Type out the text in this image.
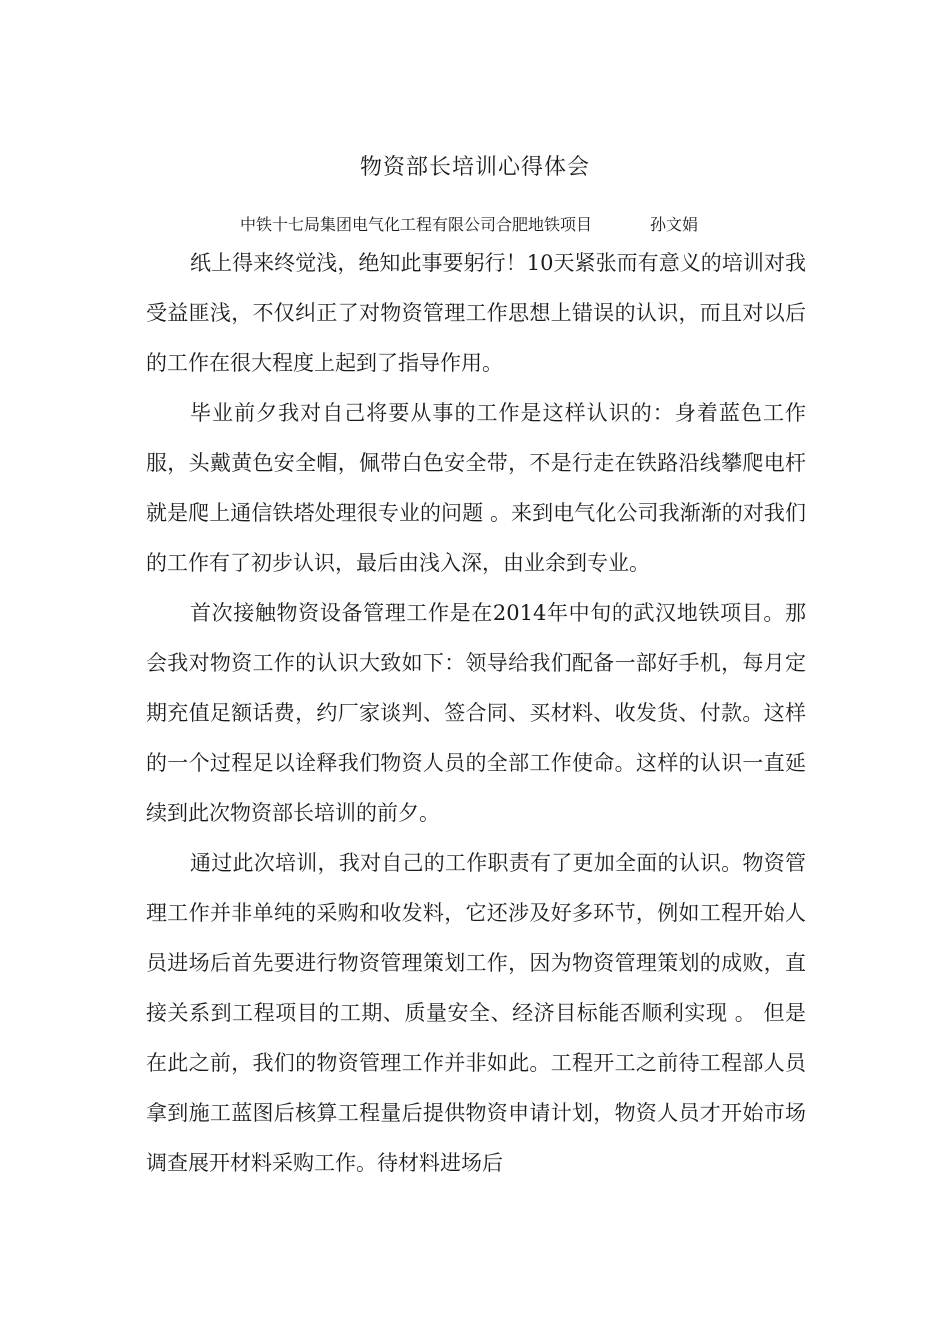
物资部长培训心得体会
中铁十七局集团电气化工程有限公司合肥地铁项目	孙文娟

纸上得来终觉浅，绝知此事要躬行！10天紧张而有意义的培训对我受益匪浅，不仅纠正了对物资管理工作思想上错误的认识，而且对以后的工作在很大程度上起到了指导作用。

毕业前夕我对自己将要从事的工作是这样认识的：身着蓝色工作服，头戴黄色安全帽，佩带白色安全带，不是行走在铁路沿线攀爬电杆就是爬上通信铁塔处理很专业的问题 。来到电气化公司我渐渐的对我们的工作有了初步认识，最后由浅入深，由业余到专业。

首次接触物资设备管理工作是在2014年中旬的武汉地铁项目。那会我对物资工作的认识大致如下：领导给我们配备一部好手机，每月定期充值足额话费，约厂家谈判、签合同、买材料、收发货、付款。这样的一个过程足以诠释我们物资人员的全部工作使命。这样的认识一直延续到此次物资部长培训的前夕。

通过此次培训，我对自己的工作职责有了更加全面的认识。物资管理工作并非单纯的采购和收发料，它还涉及好多环节，例如工程开始人员进场后首先要进行物资管理策划工作，因为物资管理策划的成败，直接关系到工程项目的工期、质量安全、经济目标能否顺利实现 。 但是在此之前，我们的物资管理工作并非如此。工程开工之前待工程部人员拿到施工蓝图后核算工程量后提供物资申请计划，物资人员才开始市场调查展开材料采购工作。待材料进场后
